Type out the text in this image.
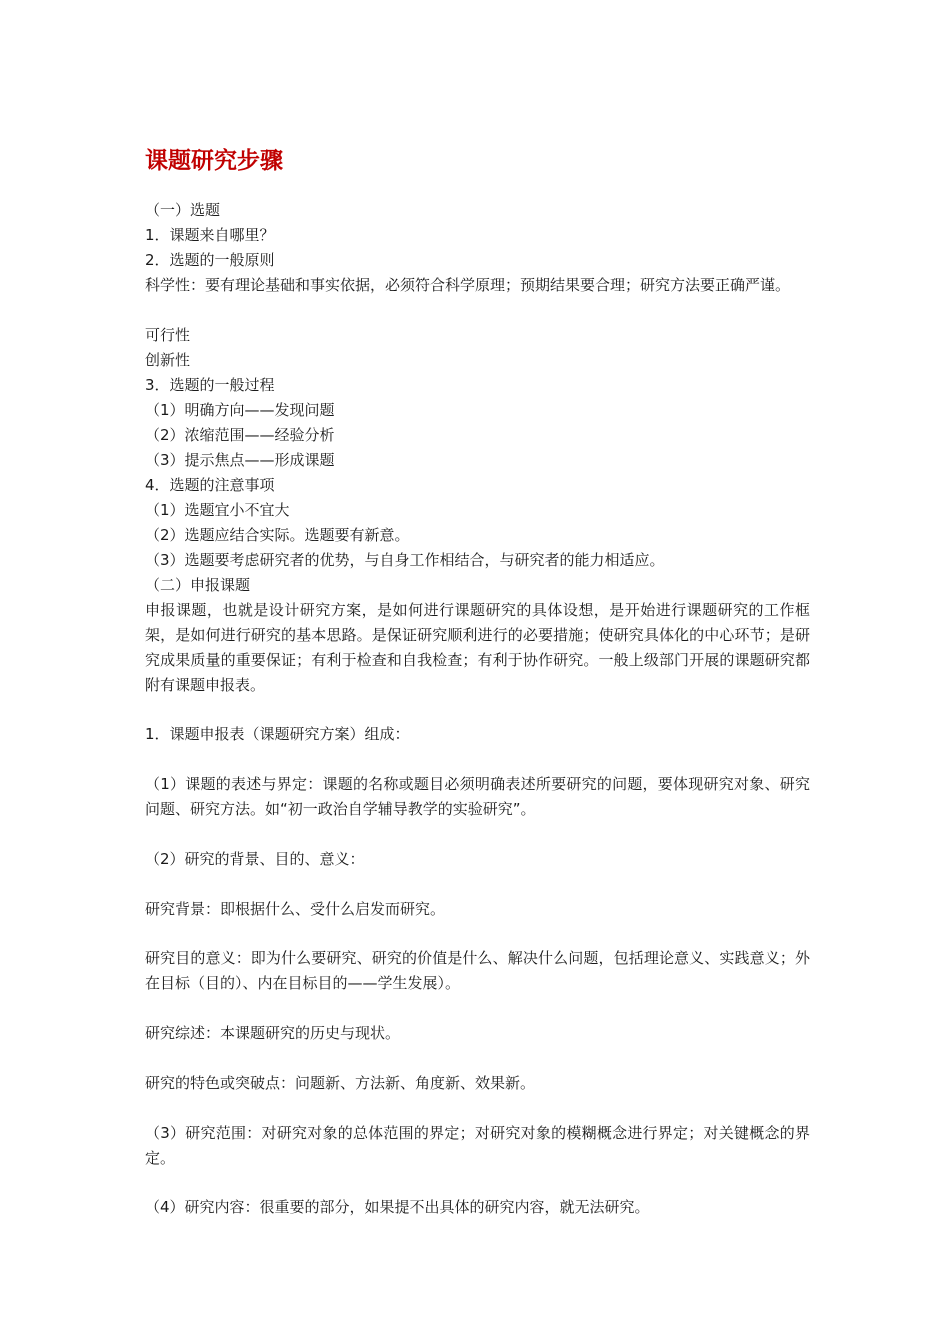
课题研究步骤
（一）选题
1．课题来自哪里？
2．选题的一般原则
科学性：要有理论基础和事实依据，必须符合科学原理；预期结果要合理；研究方法要正确严谨。
可行性
创新性
3．选题的一般过程
（1）明确方向——发现问题
（2）浓缩范围——经验分析
（3）提示焦点——形成课题
4．选题的注意事项
（1）选题宜小不宜大
（2）选题应结合实际。选题要有新意。
（3）选题要考虑研究者的优势，与自身工作相结合，与研究者的能力相适应。
（二）申报课题
申报课题，也就是设计研究方案，是如何进行课题研究的具体设想，是开始进行课题研究的工作框架，是如何进行研究的基本思路。是保证研究顺利进行的必要措施；使研究具体化的中心环节；是研究成果质量的重要保证；有利于检查和自我检查；有利于协作研究。一般上级部门开展的课题研究都附有课题申报表。
1．课题申报表（课题研究方案）组成：
（1）课题的表述与界定：课题的名称或题目必须明确表述所要研究的问题，要体现研究对象、研究问题、研究方法。如“初一政治自学辅导教学的实验研究”。
（2）研究的背景、目的、意义：
研究背景：即根据什么、受什么启发而研究。
研究目的意义：即为什么要研究、研究的价值是什么、解决什么问题，包括理论意义、实践意义；外在目标（目的）、内在目标目的——学生发展）。
研究综述：本课题研究的历史与现状。
研究的特色或突破点：问题新、方法新、角度新、效果新。
（3）研究范围：对研究对象的总体范围的界定；对研究对象的模糊概念进行界定；对关键概念的界定。
（4）研究内容：很重要的部分，如果提不出具体的研究内容，就无法研究。
